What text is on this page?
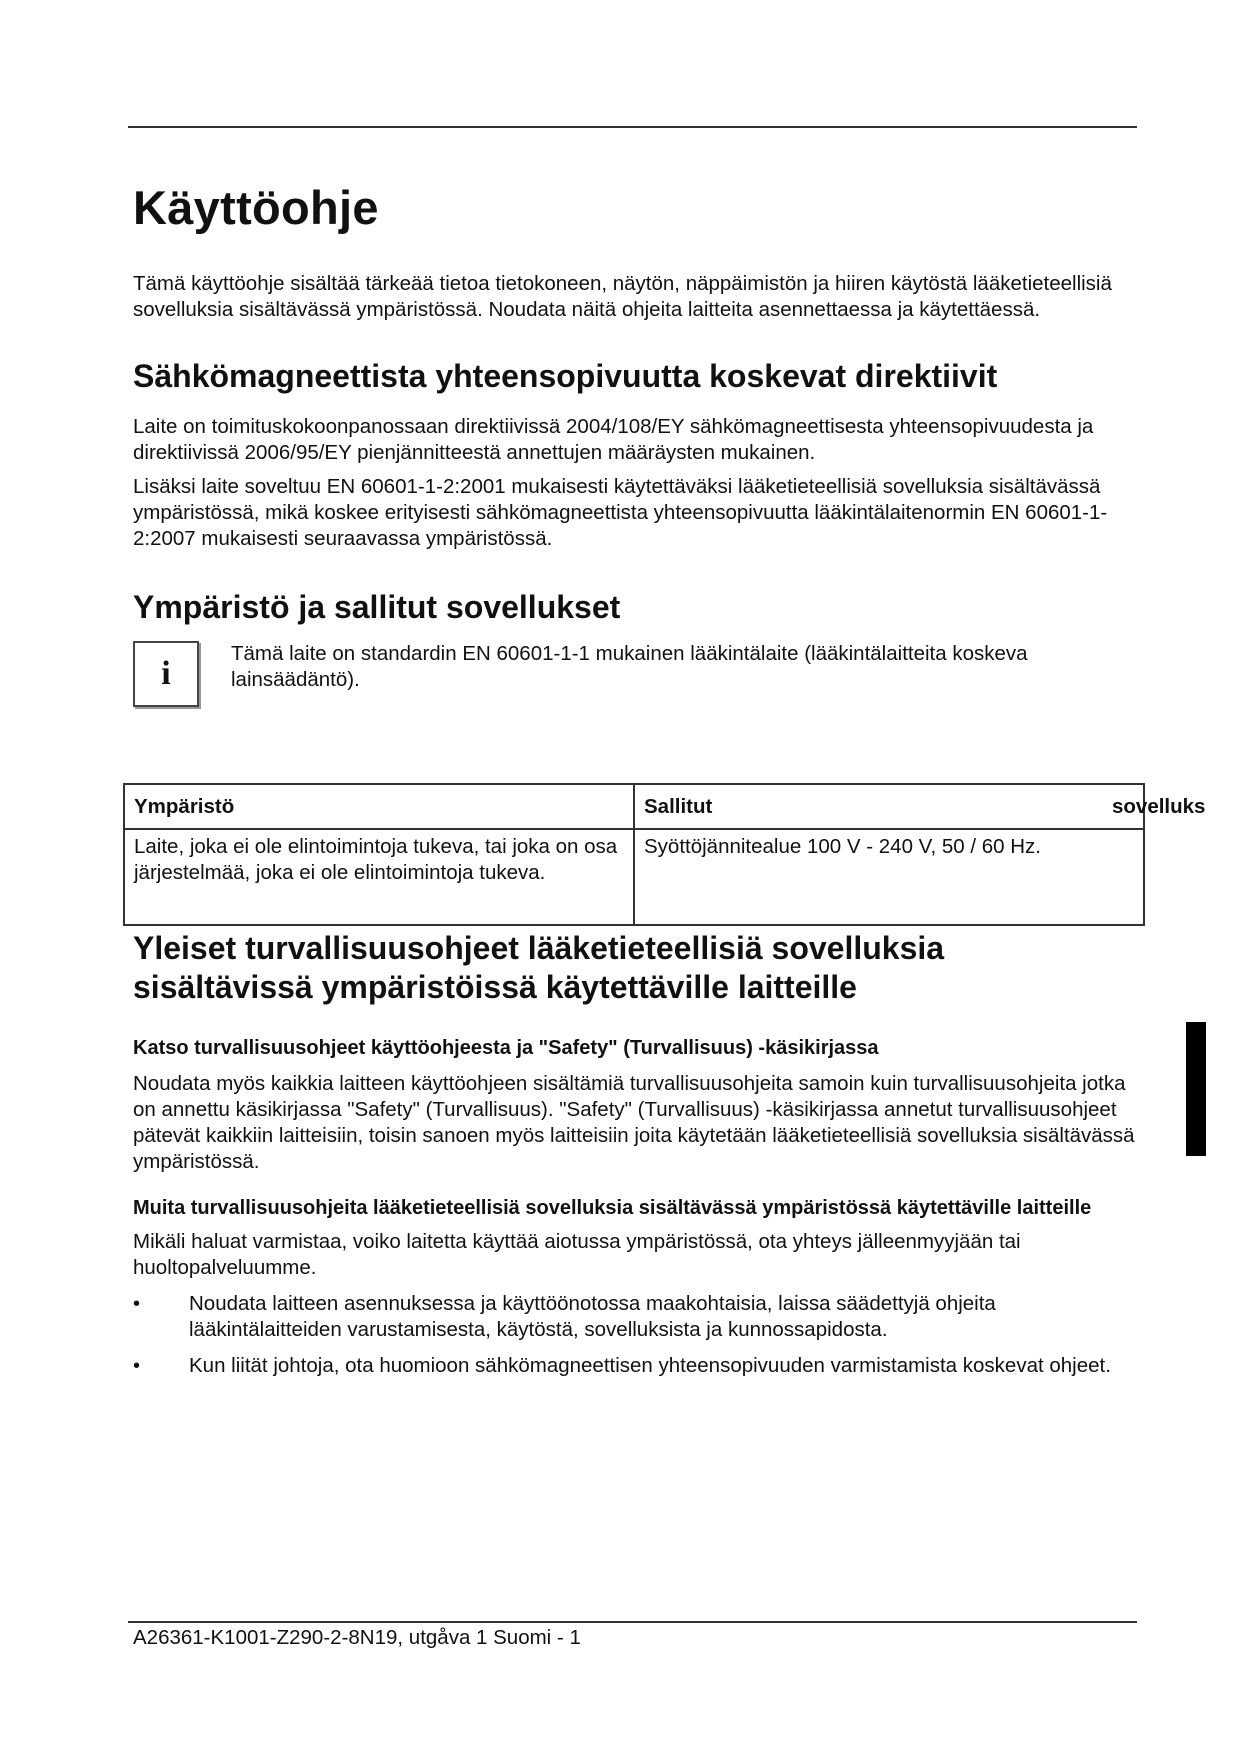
Käyttöohje

Tämä käyttöohje sisältää tärkeää tietoa tietokoneen, näytön, näppäimistön ja hiiren käytöstä lääketieteellisiä sovelluksia sisältävässä ympäristössä. Noudata näitä ohjeita laitteita asennettaessa ja käytettäessä.

Sähkömagneettista yhteensopivuutta koskevat direktiivit

Laite on toimituskokoonpanossaan direktiivissä 2004/108/EY sähkömagneettisesta yhteensopivuudesta ja direktiivissä 2006/95/EY pienjännitteestä annettujen määräysten mukainen.

Lisäksi laite soveltuu EN 60601-1-2:2001 mukaisesti käytettäväksi lääketieteellisiä sovelluksia sisältävässä ympäristössä, mikä koskee erityisesti sähkömagneettista yhteensopivuutta lääkintälaitenormin EN 60601-1-2:2007 mukaisesti seuraavassa ympäristössä.

Ympäristö ja sallitut sovellukset
i

Tämä laite on standardin EN 60601-1-1 mukainen lääkintälaite (lääkintälaitteita koskeva lainsäädäntö).

Ympäristö	Sallitut sovelluks

Laite, joka ei ole elintoimintoja tukeva, tai joka on osa järjestelmää, joka ei ole elintoimintoja tukeva.	Syöttöjännitealue 100 V - 240 V, 50 / 60 Hz.
Yleiset turvallisuusohjeet lääketieteellisiä sovelluksia sisältävissä ympäristöissä käytettäville laitteille
Katso turvallisuusohjeet käyttöohjeesta ja "Safety" (Turvallisuus) -käsikirjassa

Noudata myös kaikkia laitteen käyttöohjeen sisältämiä turvallisuusohjeita samoin kuin turvallisuusohjeita jotka on annettu käsikirjassa "Safety" (Turvallisuus). "Safety" (Turvallisuus) -käsikirjassa annetut turvallisuusohjeet pätevät kaikkiin laitteisiin, toisin sanoen myös laitteisiin joita käytetään lääketieteellisiä sovelluksia sisältävässä ympäristössä.

Muita turvallisuusohjeita lääketieteellisiä sovelluksia sisältävässä ympäristössä käytettäville laitteille

Mikäli haluat varmistaa, voiko laitetta käyttää aiotussa ympäristössä, ota yhteys jälleenmyyjään tai huoltopalveluumme.

• Noudata laitteen asennuksessa ja käyttöönotossa maakohtaisia, laissa säädettyjä ohjeita lääkintälaitteiden varustamisesta, käytöstä, sovelluksista ja kunnossapidosta.
• Kun liität johtoja, ota huomioon sähkömagneettisen yhteensopivuuden varmistamista koskevat ohjeet.
A26361-K1001-Z290-2-8N19, utgåva 1 Suomi - 1
